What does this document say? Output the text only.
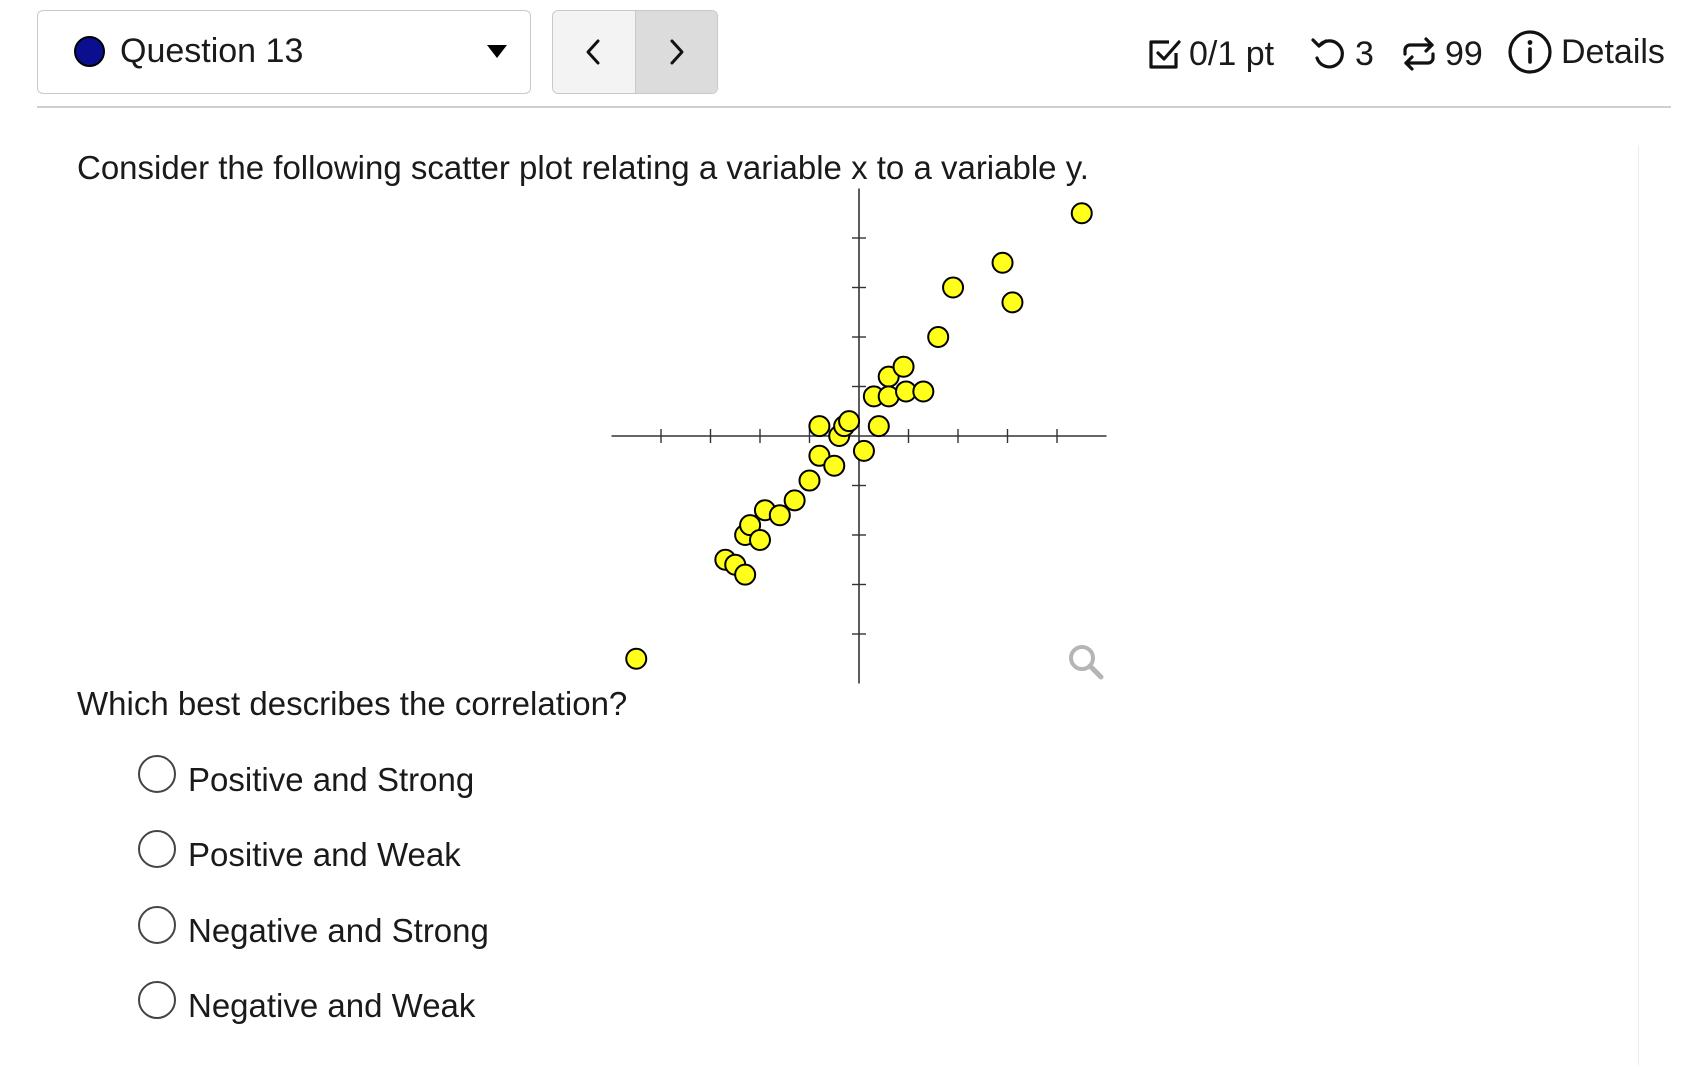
Question 13	0/1 pt 3 99 Details
Consider the following scatter plot relating a variable x to a variable y.
Which best describes the correlation?
Positive and Strong
Positive and Weak
Negative and Strong
Negative and Weak
